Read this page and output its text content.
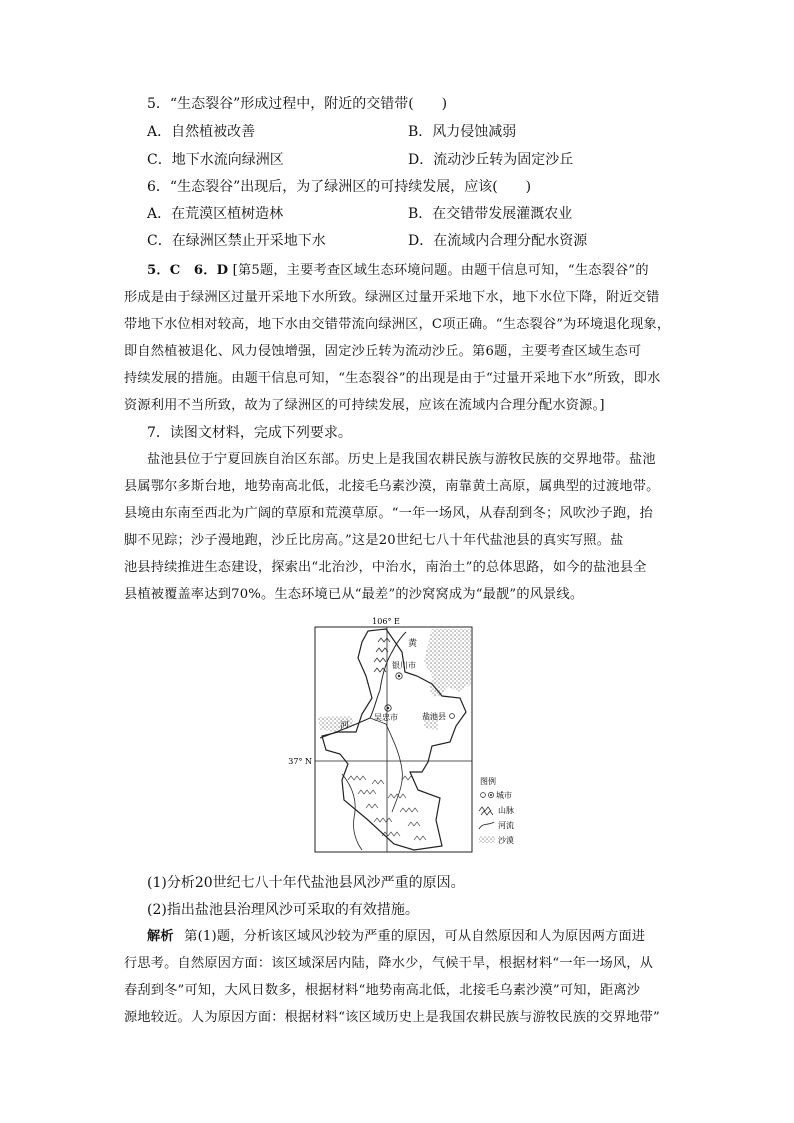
5．“生态裂谷”形成过程中，附近的交错带(　　)
A．自然植被改善	B．风力侵蚀减弱
C．地下水流向绿洲区	D．流动沙丘转为固定沙丘
6．“生态裂谷”出现后，为了绿洲区的可持续发展，应该(　　)
A．在荒漠区植树造林	B．在交错带发展灌溉农业
C．在绿洲区禁止开采地下水	D．在流域内合理分配水资源
5．C　6．D [第5题，主要考查区域生态环境问题。由题干信息可知，“生态裂谷”的
形成是由于绿洲区过量开采地下水所致。绿洲区过量开采地下水，地下水位下降，附近交错
带地下水位相对较高，地下水由交错带流向绿洲区，C项正确。“生态裂谷”为环境退化现象，
即自然植被退化、风力侵蚀增强，固定沙丘转为流动沙丘。第6题，主要考查区域生态可
持续发展的措施。由题干信息可知，“生态裂谷”的出现是由于“过量开采地下水”所致，即水
资源利用不当所致，故为了绿洲区的可持续发展，应该在流域内合理分配水资源。]
7．读图文材料，完成下列要求。
盐池县位于宁夏回族自治区东部。历史上是我国农耕民族与游牧民族的交界地带。盐池
县属鄂尔多斯台地，地势南高北低，北接毛乌素沙漠，南靠黄土高原，属典型的过渡地带。
县境由东南至西北为广阔的草原和荒漠草原。“一年一场风，从春刮到冬；风吹沙子跑，抬
脚不见踪；沙子漫地跑，沙丘比房高。”这是20世纪七八十年代盐池县的真实写照。盐
池县持续推进生态建设，探索出“北治沙，中治水，南治土”的总体思路，如今的盐池县全
县植被覆盖率达到70%。生态环境已从“最差”的沙窝窝成为“最靓”的风景线。
106° E
37° N
黄
河
银川市
吴忠市	盐池县
图例
城市
山脉
河流
沙漠
(1)分析20世纪七八十年代盐池县风沙严重的原因。
(2)指出盐池县治理风沙可采取的有效措施。
解析 第(1)题，分析该区域风沙较为严重的原因，可从自然原因和人为原因两方面进
行思考。自然原因方面：该区域深居内陆，降水少，气候干旱，根据材料“一年一场风，从
春刮到冬”可知，大风日数多，根据材料“地势南高北低，北接毛乌素沙漠”可知，距离沙
源地较近。人为原因方面：根据材料“该区域历史上是我国农耕民族与游牧民族的交界地带”
